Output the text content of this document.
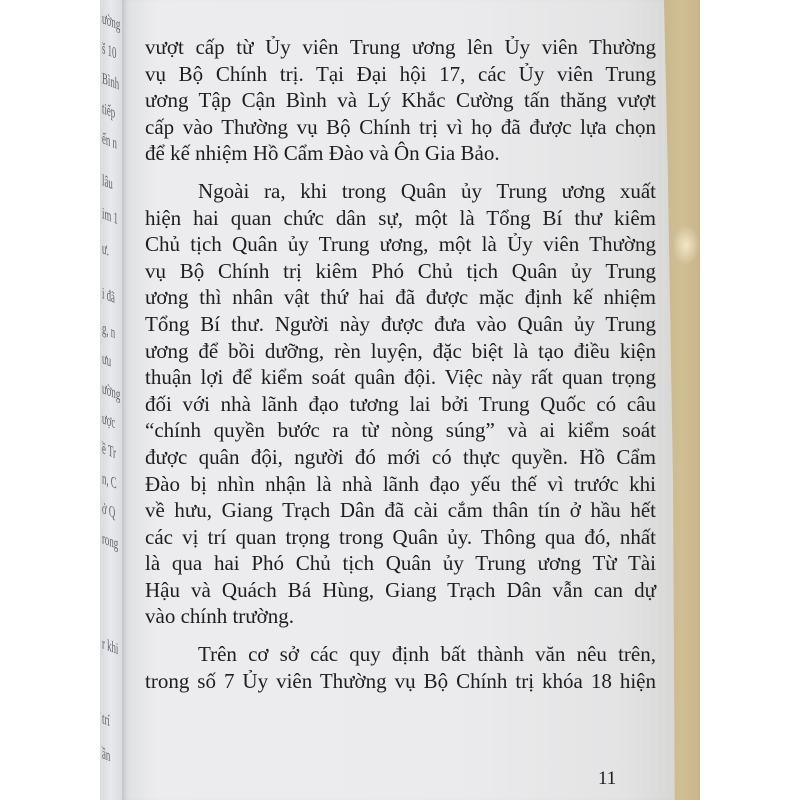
ường
š 10
Bình
tiếp
ến n
lâu
im 1
ư.
i đã
g, n
ưu
ường
ược
ề Tr
n, C
ở Q
rong
r khi
trí
ần
vượt cấp từ Ủy viên Trung ương lên Ủy viên Thường
vụ Bộ Chính trị. Tại Đại hội 17, các Ủy viên Trung
ương Tập Cận Bình và Lý Khắc Cường tấn thăng vượt
cấp vào Thường vụ Bộ Chính trị vì họ đã được lựa chọn
để kế nhiệm Hồ Cẩm Đào và Ôn Gia Bảo.
Ngoài ra, khi trong Quân ủy Trung ương xuất
hiện hai quan chức dân sự, một là Tổng Bí thư kiêm
Chủ tịch Quân ủy Trung ương, một là Ủy viên Thường
vụ Bộ Chính trị kiêm Phó Chủ tịch Quân ủy Trung
ương thì nhân vật thứ hai đã được mặc định kế nhiệm
Tổng Bí thư. Người này được đưa vào Quân ủy Trung
ương để bồi dưỡng, rèn luyện, đặc biệt là tạo điều kiện
thuận lợi để kiểm soát quân đội. Việc này rất quan trọng
đối với nhà lãnh đạo tương lai bởi Trung Quốc có câu
“chính quyền bước ra từ nòng súng” và ai kiểm soát
được quân đội, người đó mới có thực quyền. Hồ Cẩm
Đào bị nhìn nhận là nhà lãnh đạo yếu thế vì trước khi
về hưu, Giang Trạch Dân đã cài cắm thân tín ở hầu hết
các vị trí quan trọng trong Quân ủy. Thông qua đó, nhất
là qua hai Phó Chủ tịch Quân ủy Trung ương Từ Tài
Hậu và Quách Bá Hùng, Giang Trạch Dân vẫn can dự
vào chính trường.
Trên cơ sở các quy định bất thành văn nêu trên,
trong số 7 Ủy viên Thường vụ Bộ Chính trị khóa 18 hiện
11
